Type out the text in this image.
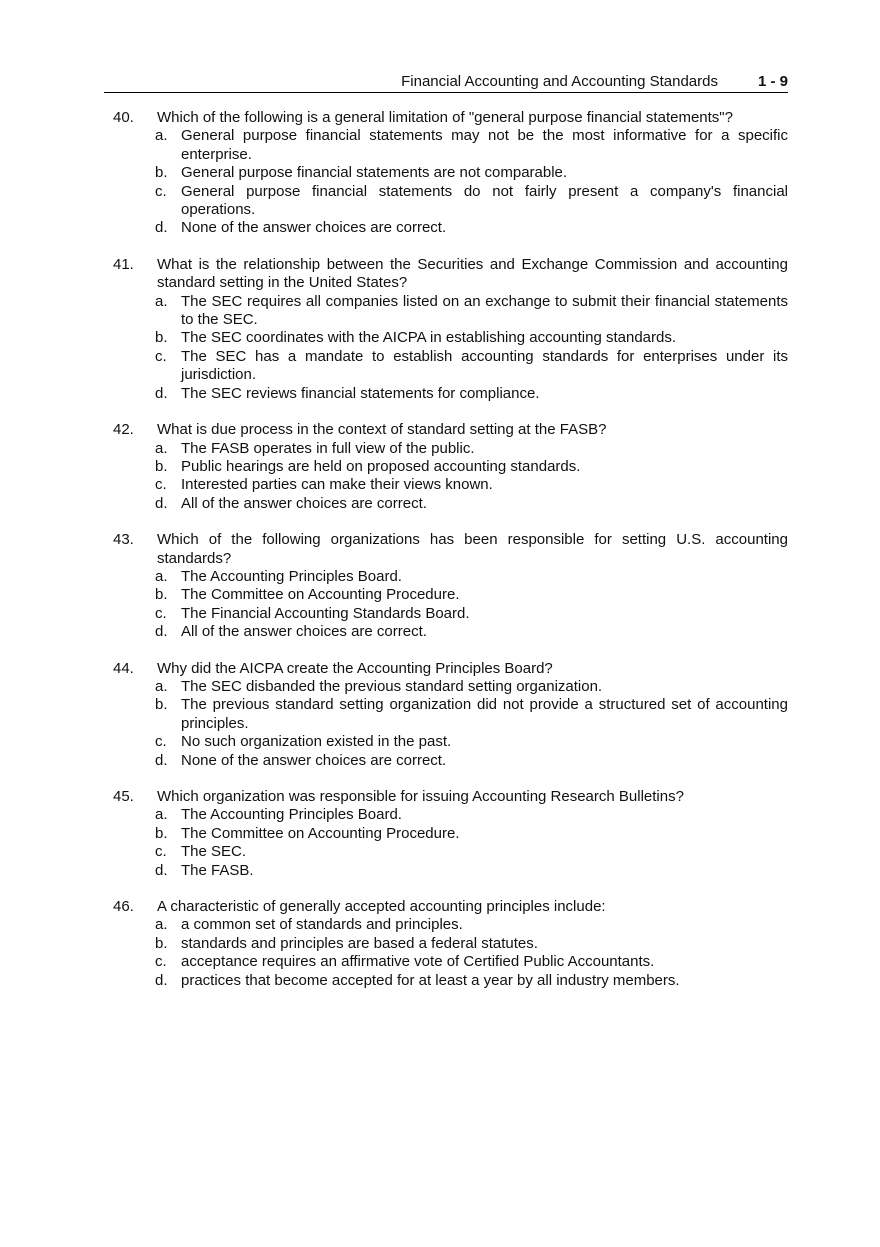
Financial Accounting and Accounting Standards	1 - 9
40.	Which of the following is a general limitation of "general purpose financial statements"?
a. General purpose financial statements may not be the most informative for a specific enterprise.
b. General purpose financial statements are not comparable.
c. General purpose financial statements do not fairly present a company's financial operations.
d. None of the answer choices are correct.
41.	What is the relationship between the Securities and Exchange Commission and accounting standard setting in the United States?
a. The SEC requires all companies listed on an exchange to submit their financial statements to the SEC.
b. The SEC coordinates with the AICPA in establishing accounting standards.
c. The SEC has a mandate to establish accounting standards for enterprises under its jurisdiction.
d. The SEC reviews financial statements for compliance.
42.	What is due process in the context of standard setting at the FASB?
a. The FASB operates in full view of the public.
b. Public hearings are held on proposed accounting standards.
c. Interested parties can make their views known.
d. All of the answer choices are correct.
43.	Which of the following organizations has been responsible for setting U.S. accounting standards?
a. The Accounting Principles Board.
b. The Committee on Accounting Procedure.
c. The Financial Accounting Standards Board.
d. All of the answer choices are correct.
44.	Why did the AICPA create the Accounting Principles Board?
a. The SEC disbanded the previous standard setting organization.
b. The previous standard setting organization did not provide a structured set of accounting principles.
c. No such organization existed in the past.
d. None of the answer choices are correct.
45.	Which organization was responsible for issuing Accounting Research Bulletins?
a. The Accounting Principles Board.
b. The Committee on Accounting Procedure.
c. The SEC.
d. The FASB.
46.	A characteristic of generally accepted accounting principles include:
a. a common set of standards and principles.
b. standards and principles are based a federal statutes.
c. acceptance requires an affirmative vote of Certified Public Accountants.
d. practices that become accepted for at least a year by all industry members.
